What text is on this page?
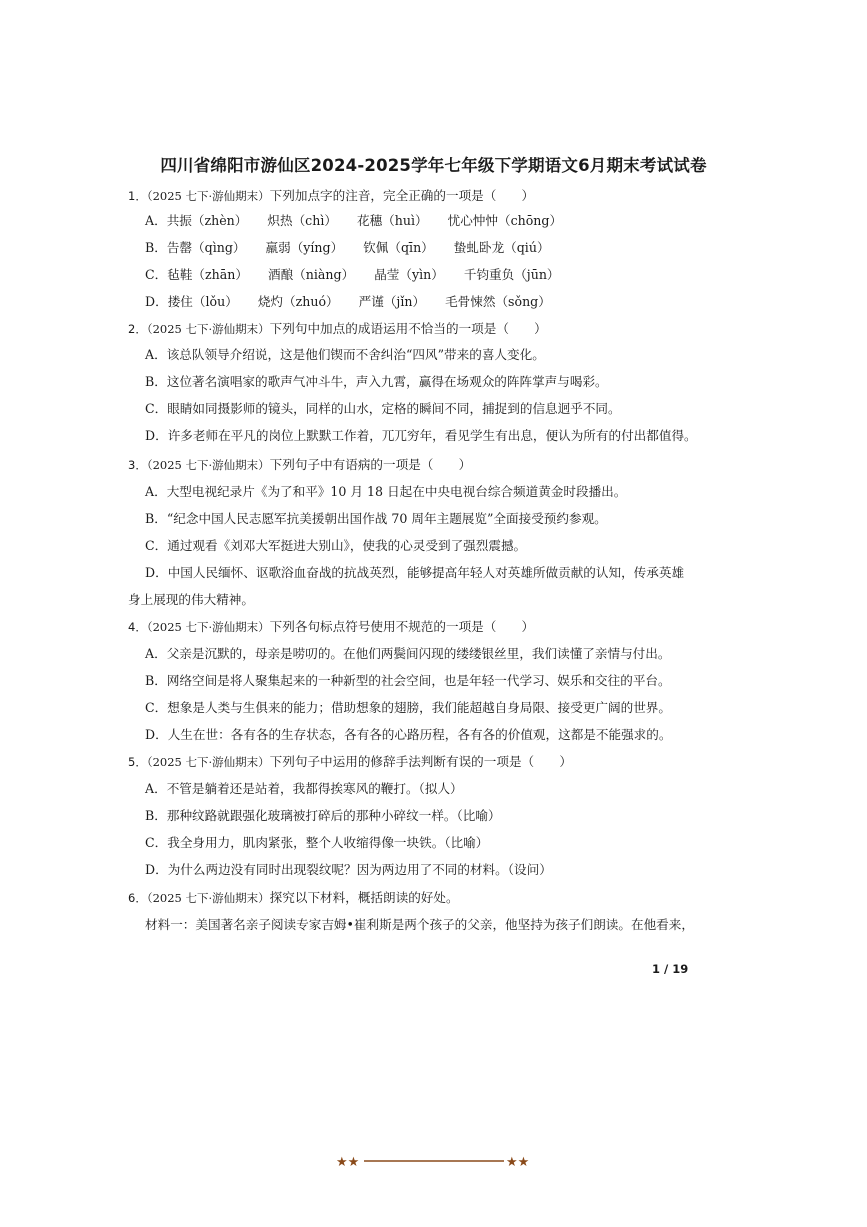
四川省绵阳市游仙区2024-2025学年七年级下学期语文6月期末考试试卷
1．（2025 七下·游仙期末）下列加点字的注音，完全正确的一项是（　　）
A．共振（zhèn） 炽热（chì） 花穗（huì） 忧心忡忡（chōng）
B．告罄（qìng） 羸弱（yíng） 钦佩（qīn） 蛰虬卧龙（qiú）
C．毡鞋（zhān） 酒酿（niàng） 晶莹（yìn） 千钧重负（jūn）
D．搂住（lǒu） 烧灼（zhuó） 严谨（jǐn） 毛骨悚然（sǒng）
2．（2025 七下·游仙期末）下列句中加点的成语运用不恰当的一项是（　　）
A．该总队领导介绍说，这是他们锲而不舍纠治“四风”带来的喜人变化。
B．这位著名演唱家的歌声气冲斗牛，声入九霄，赢得在场观众的阵阵掌声与喝彩。
C．眼睛如同摄影师的镜头，同样的山水，定格的瞬间不同，捕捉到的信息迥乎不同。
D．许多老师在平凡的岗位上默默工作着，兀兀穷年，看见学生有出息，便认为所有的付出都值得。
3．（2025 七下·游仙期末）下列句子中有语病的一项是（　　）
A．大型电视纪录片《为了和平》10 月 18 日起在中央电视台综合频道黄金时段播出。
B．“纪念中国人民志愿军抗美援朝出国作战 70 周年主题展览”全面接受预约参观。
C．通过观看《刘邓大军挺进大别山》，使我的心灵受到了强烈震撼。
D．中国人民缅怀、讴歌浴血奋战的抗战英烈，能够提高年轻人对英雄所做贡献的认知，传承英雄
身上展现的伟大精神。
4．（2025 七下·游仙期末）下列各句标点符号使用不规范的一项是（　　）
A．父亲是沉默的，母亲是唠叨的。在他们两鬓间闪现的缕缕银丝里，我们读懂了亲情与付出。
B．网络空间是将人聚集起来的一种新型的社会空间，也是年轻一代学习、娱乐和交往的平台。
C．想象是人类与生俱来的能力；借助想象的翅膀，我们能超越自身局限、接受更广阔的世界。
D．人生在世：各有各的生存状态，各有各的心路历程，各有各的价值观，这都是不能强求的。
5．（2025 七下·游仙期末）下列句子中运用的修辞手法判断有误的一项是（　　）
A．不管是躺着还是站着，我都得挨寒风的鞭打。（拟人）
B．那种纹路就跟强化玻璃被打碎后的那种小碎纹一样。（比喻）
C．我全身用力，肌肉紧张，整个人收缩得像一块铁。（比喻）
D．为什么两边没有同时出现裂纹呢？因为两边用了不同的材料。（设问）
6．（2025 七下·游仙期末）探究以下材料，概括朗读的好处。
材料一：美国著名亲子阅读专家吉姆•崔利斯是两个孩子的父亲，他坚持为孩子们朗读。在他看来，
1 / 19
★★	★★
